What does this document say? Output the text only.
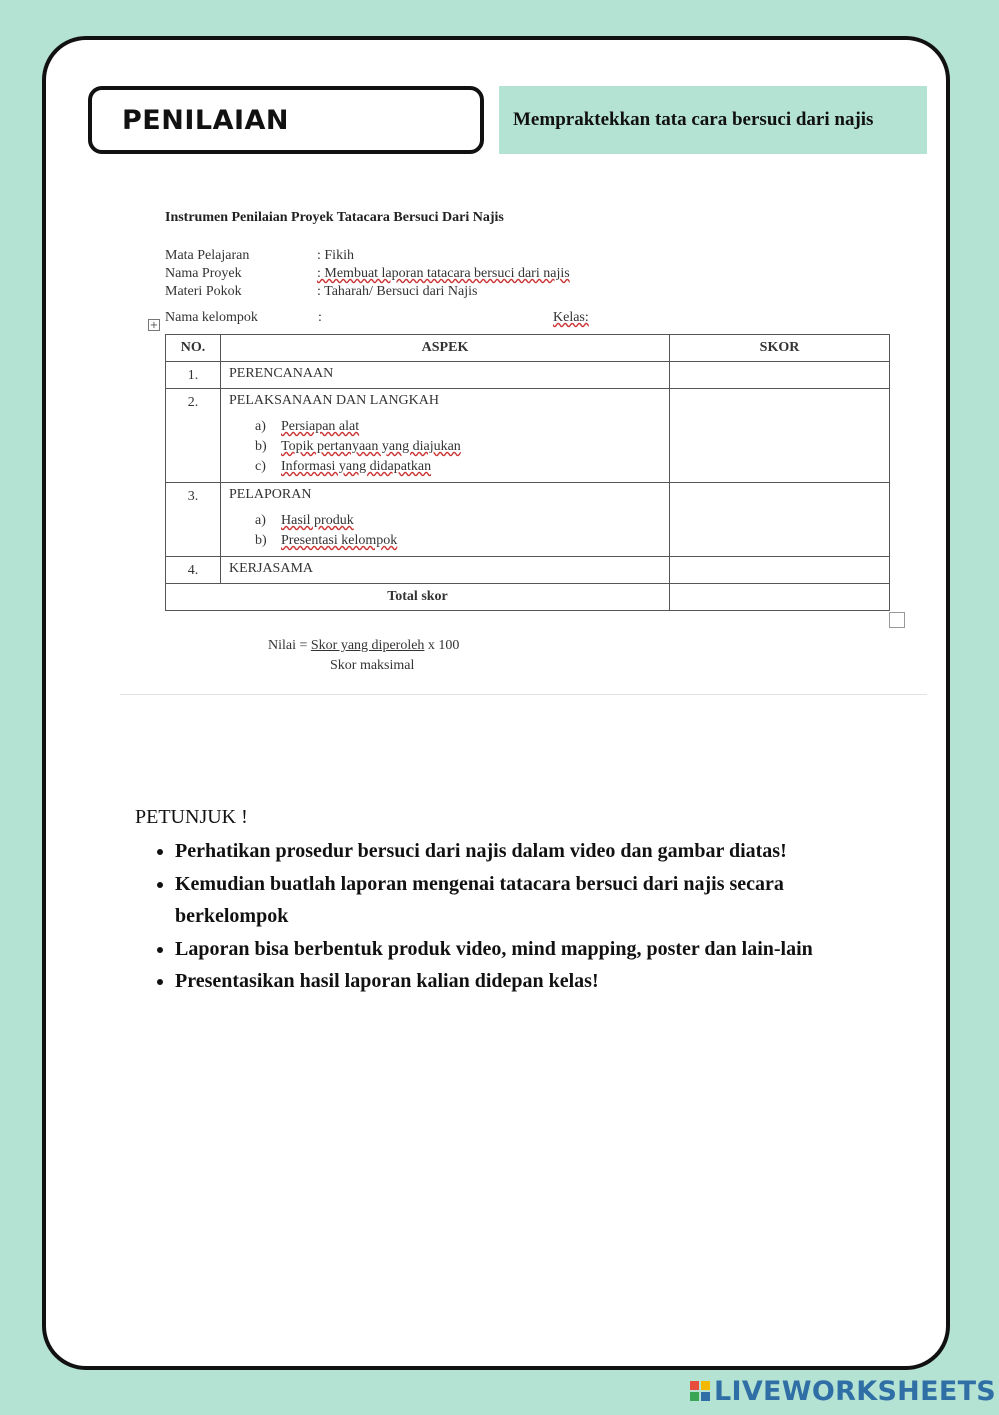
PENILAIAN	Mempraktekkan tata cara bersuci dari najis
Instrumen Penilaian Proyek Tatacara Bersuci Dari Najis
Mata Pelajaran	: Fikih
Nama Proyek	: Membuat laporan tatacara bersuci dari najis
Materi Pokok	: Taharah/ Bersuci dari Najis
+
Nama kelompok	:	Kelas:
NO.	ASPEK	SKOR
1.	PERENCANAAN	
2.	PELAKSANAAN DAN LANGKAH
a) Persiapan alat
b) Topik pertanyaan yang diajukan
c) Informasi yang didapatkan	

3.	PELAPORAN
a) Hasil produk
b) Presentasi kelompok	

4.	KERJASAMA	
Total skor		
Nilai = Skor yang diperoleh x 100
Skor maksimal
PETUNJUK !
• Perhatikan prosedur bersuci dari najis dalam video dan gambar diatas!
• Kemudian buatlah laporan mengenai tatacara bersuci dari najis secara berkelompok
• Laporan bisa berbentuk produk video, mind mapping, poster dan lain-lain
• Presentasikan hasil laporan kalian didepan kelas!
LIVEWORKSHEETS
